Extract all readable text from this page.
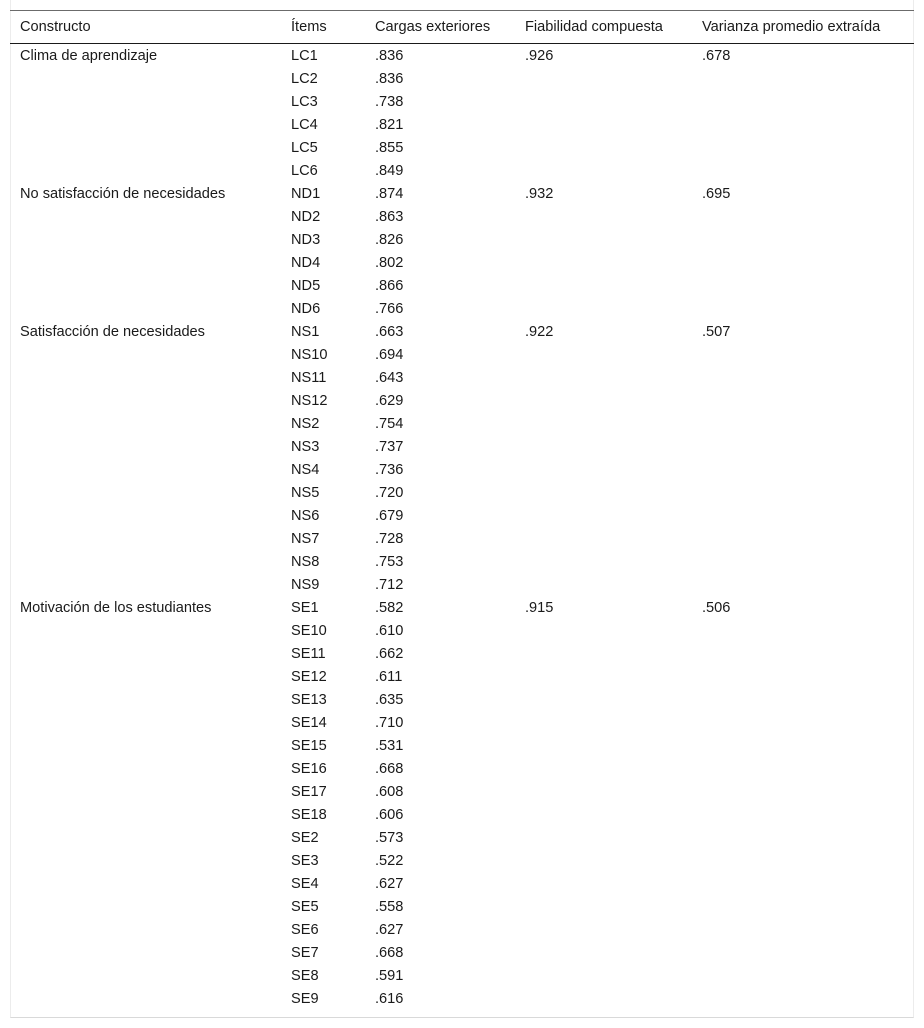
Constructo	Ítems	Cargas exteriores	Fiabilidad compuesta	Varianza promedio extraída
Clima de aprendizaje	LC1	.836	.926	.678
	LC2	.836		
	LC3	.738		
	LC4	.821		
	LC5	.855		
	LC6	.849		
No satisfacción de necesidades	ND1	.874	.932	.695
	ND2	.863		
	ND3	.826		
	ND4	.802		
	ND5	.866		
	ND6	.766		
Satisfacción de necesidades	NS1	.663	.922	.507
	NS10	.694		
	NS11	.643		
	NS12	.629		
	NS2	.754		
	NS3	.737		
	NS4	.736		
	NS5	.720		
	NS6	.679		
	NS7	.728		
	NS8	.753		
	NS9	.712		
Motivación de los estudiantes	SE1	.582	.915	.506
	SE10	.610		
	SE11	.662		
	SE12	.611		
	SE13	.635		
	SE14	.710		
	SE15	.531		
	SE16	.668		
	SE17	.608		
	SE18	.606		
	SE2	.573		
	SE3	.522		
	SE4	.627		
	SE5	.558		
	SE6	.627		
	SE7	.668		
	SE8	.591		
	SE9	.616		
